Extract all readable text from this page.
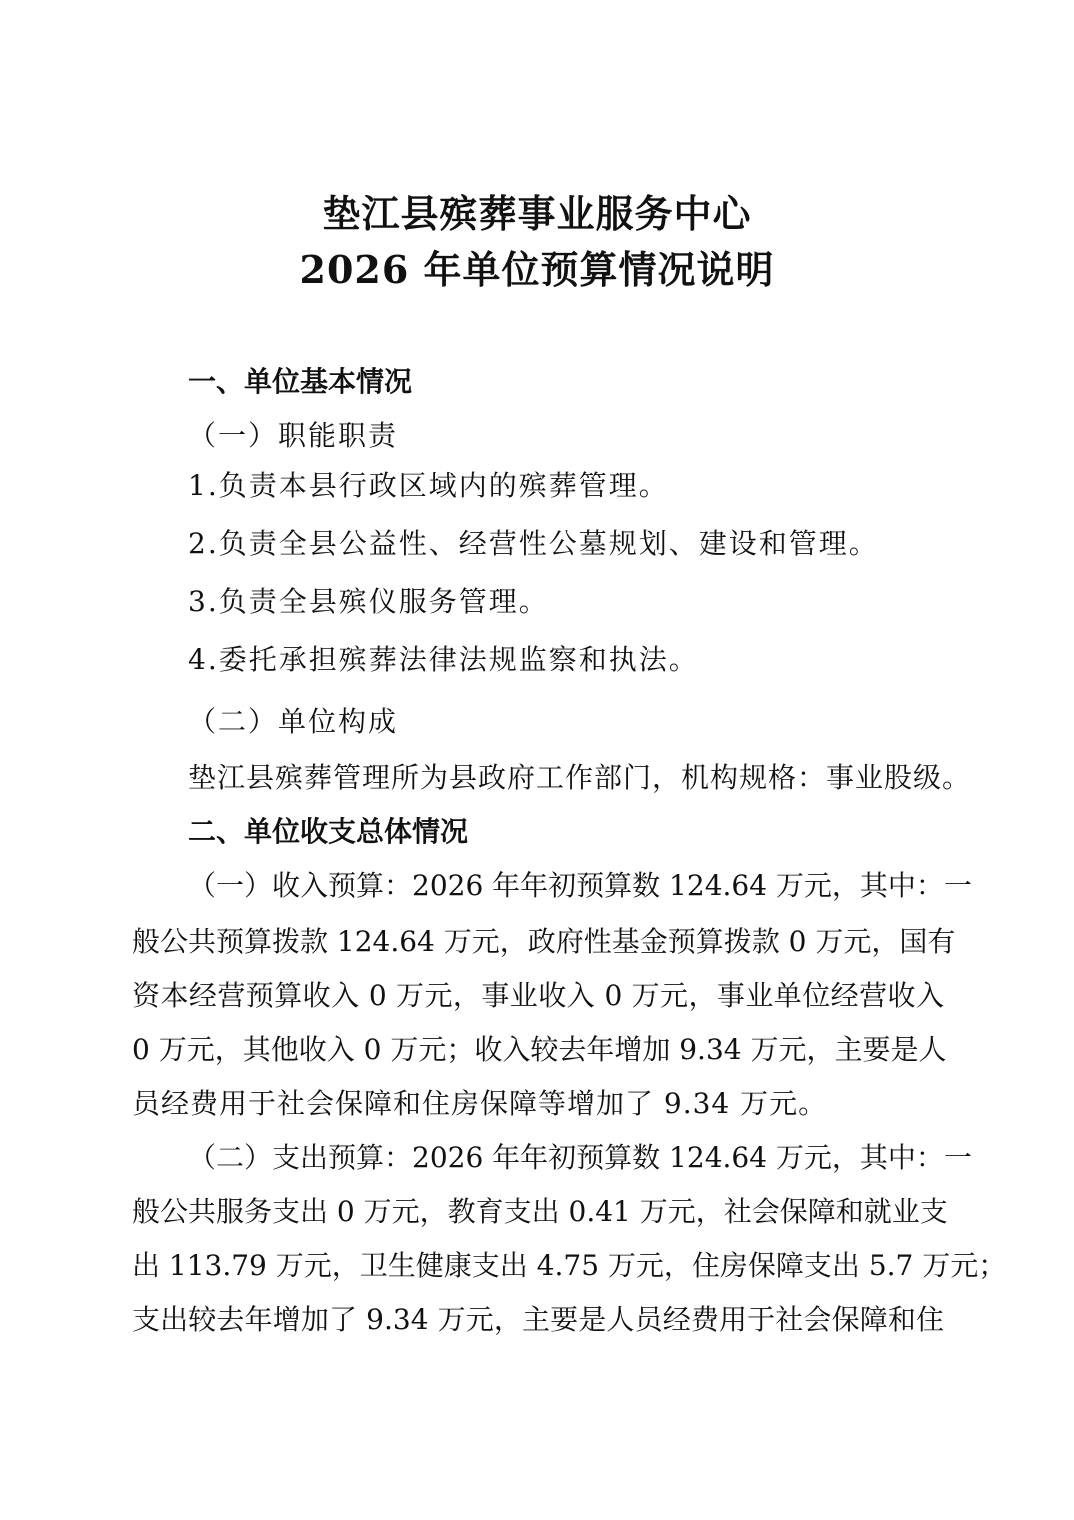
垫江县殡葬事业服务中心
2026 年单位预算情况说明
一、单位基本情况
（一）职能职责
1.负责本县行政区域内的殡葬管理。
2.负责全县公益性、经营性公墓规划、建设和管理。
3.负责全县殡仪服务管理。
4.委托承担殡葬法律法规监察和执法。
（二）单位构成
垫江县殡葬管理所为县政府工作部门，机构规格：事业股级。
二、单位收支总体情况
（一）收入预算：2026 年年初预算数 124.64 万元，其中：一
般公共预算拨款 124.64 万元，政府性基金预算拨款 0 万元，国有
资本经营预算收入 0 万元，事业收入 0 万元，事业单位经营收入
0 万元，其他收入 0 万元；收入较去年增加 9.34 万元，主要是人
员经费用于社会保障和住房保障等增加了 9.34 万元。
（二）支出预算：2026 年年初预算数 124.64 万元，其中：一
般公共服务支出 0 万元，教育支出 0.41 万元，社会保障和就业支
出 113.79 万元，卫生健康支出 4.75 万元，住房保障支出 5.7 万元；
支出较去年增加了 9.34 万元，主要是人员经费用于社会保障和住
